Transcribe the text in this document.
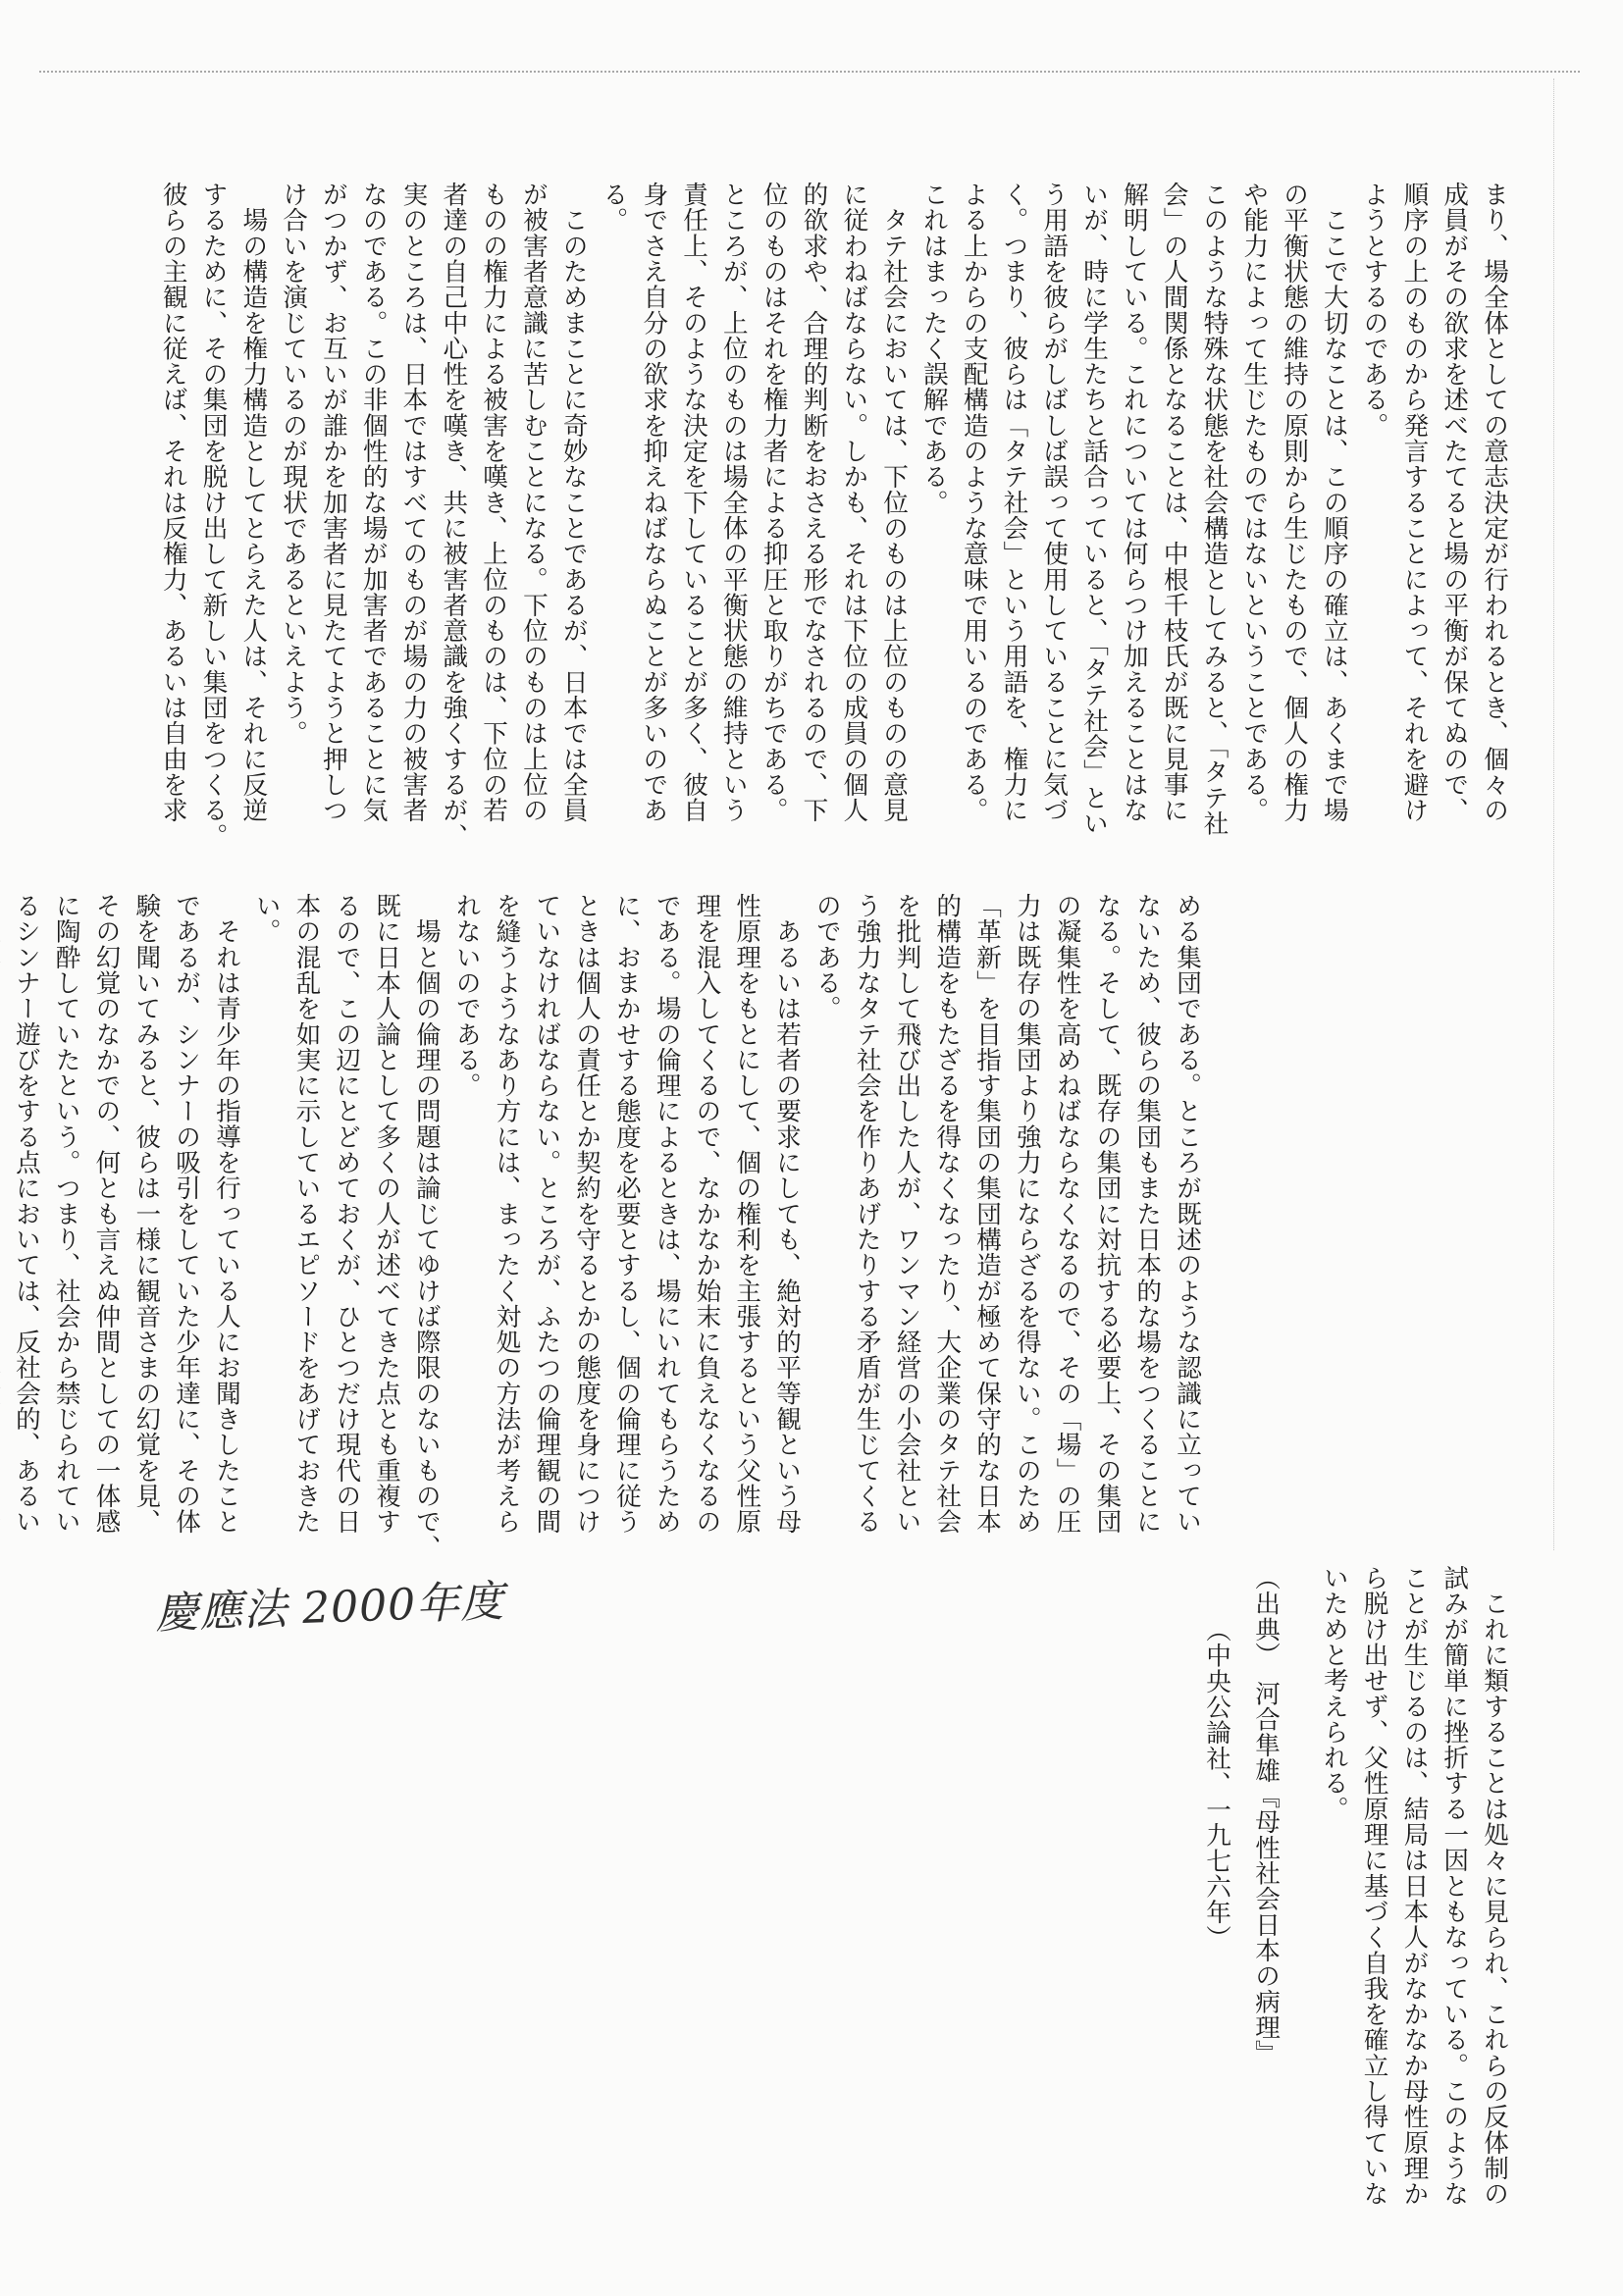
まり、場全体としての意志決定が行われるとき、個々の
成員がその欲求を述べたてると場の平衡が保てぬので、
順序の上のものから発言することによって、それを避け
ようとするのである。
　ここで大切なことは、この順序の確立は、あくまで場
の平衡状態の維持の原則から生じたもので、個人の権力
や能力によって生じたものではないということである。
このような特殊な状態を社会構造としてみると、「タテ社
会」の人間関係となることは、中根千枝氏が既に見事に
解明している。これについては何らつけ加えることはな
いが、時に学生たちと話合っていると、「タテ社会」とい
う用語を彼らがしばしば誤って使用していることに気づ
く。つまり、彼らは「タテ社会」という用語を、権力に
よる上からの支配構造のような意味で用いるのである。
これはまったく誤解である。
　タテ社会においては、下位のものは上位のものの意見
に従わねばならない。しかも、それは下位の成員の個人
的欲求や、合理的判断をおさえる形でなされるので、下
位のものはそれを権力者による抑圧と取りがちである。
ところが、上位のものは場全体の平衡状態の維持という
責任上、そのような決定を下していることが多く、彼自
身でさえ自分の欲求を抑えねばならぬことが多いのであ
る。
　このためまことに奇妙なことであるが、日本では全員
が被害者意識に苦しむことになる。下位のものは上位の
ものの権力による被害を嘆き、上位のものは、下位の若
者達の自己中心性を嘆き、共に被害者意識を強くするが、
実のところは、日本ではすべてのものが場の力の被害者
なのである。この非個性的な場が加害者であることに気
がつかず、お互いが誰かを加害者に見たてようと押しつ
け合いを演じているのが現状であるといえよう。
　場の構造を権力構造としてとらえた人は、それに反逆
するために、その集団を脱け出して新しい集団をつくる。
彼らの主観に従えば、それは反権力、あるいは自由を求
める集団である。ところが既述のような認識に立ってい
ないため、彼らの集団もまた日本的な場をつくることに
なる。そして、既存の集団に対抗する必要上、その集団
の凝集性を高めねばならなくなるので、その「場」の圧
力は既存の集団より強力にならざるを得ない。このため
「革新」を目指す集団の集団構造が極めて保守的な日本
的構造をもたざるを得なくなったり、大企業のタテ社会
を批判して飛び出した人が、ワンマン経営の小会社とい
う強力なタテ社会を作りあげたりする矛盾が生じてくる
のである。
　あるいは若者の要求にしても、絶対的平等観という母
性原理をもとにして、個の権利を主張するという父性原
理を混入してくるので、なかなか始末に負えなくなるの
である。場の倫理によるときは、場にいれてもらうため
に、おまかせする態度を必要とするし、個の倫理に従う
ときは個人の責任とか契約を守るとかの態度を身につけ
ていなければならない。ところが、ふたつの倫理観の間
を縫うようなあり方には、まったく対処の方法が考えら
れないのである。
　場と個の倫理の問題は論じてゆけば際限のないもので、
既に日本人論として多くの人が述べてきた点とも重複す
るので、この辺にとどめておくが、ひとつだけ現代の日
本の混乱を如実に示しているエピソードをあげておきた
い。
　それは青少年の指導を行っている人にお聞きしたこと
であるが、シンナーの吸引をしていた少年達に、その体
験を聞いてみると、彼らは一様に観音さまの幻覚を見、
その幻覚のなかでの、何とも言えぬ仲間としての一体感
に陶酔していたという。つまり、社会から禁じられてい
るシンナー遊びをする点においては、反社会的、あるい

　これに類することは処々に見られ、これらの反体制の
試みが簡単に挫折する一因ともなっている。このような
ことが生じるのは、結局は日本人がなかなか母性原理か
ら脱け出せず、父性原理に基づく自我を確立し得ていな
いためと考えられる。
（出典）　河合隼雄『母性社会日本の病理』
（中央公論社、一九七六年）
慶應法 2000年度
